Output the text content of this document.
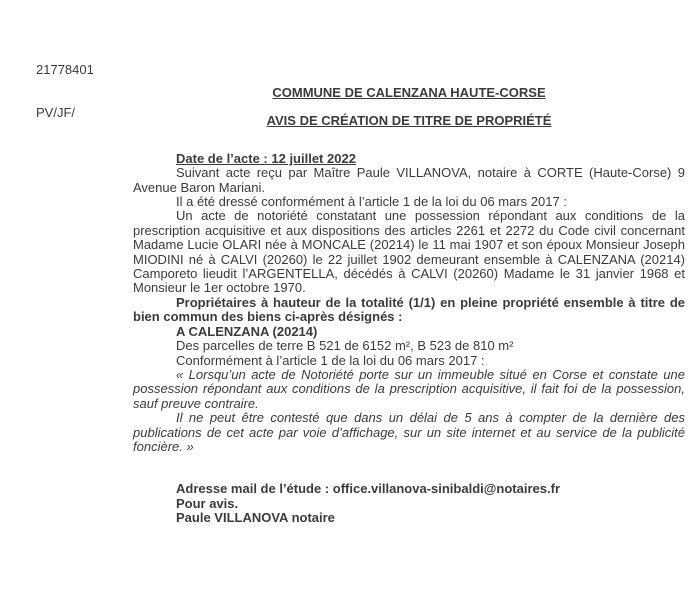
21778401

PV/JF/

COMMUNE DE CALENZANA HAUTE-CORSE

AVIS DE CRÉATION DE TITRE DE PROPRIÉTÉ

Date de l’acte : 12 juillet 2022

Suivant acte reçu par Maître Paule VILLANOVA, notaire à CORTE (Haute-Corse) 9 Avenue Baron Mariani.

Il a été dressé conformément à l’article 1 de la loi du 06 mars 2017 :

Un acte de notoriété constatant une possession répondant aux conditions de la prescription acquisitive et aux dispositions des articles 2261 et 2272 du Code civil concernant Madame Lucie OLARI née à MONCALE (20214) le 11 mai 1907 et son époux Monsieur Joseph MIODINI né à CALVI (20260) le 22 juillet 1902 demeurant ensemble à CALENZANA (20214) Camporeto lieudit l’ARGENTELLA, décédés à CALVI (20260) Madame le 31 janvier 1968 et Monsieur le 1er octobre 1970.

Propriétaires à hauteur de la totalité (1/1) en pleine propriété ensemble à titre de bien commun des biens ci-après désignés :

A CALENZANA (20214)

Des parcelles de terre B 521 de 6152 m², B 523 de 810 m²

Conformément à l’article 1 de la loi du 06 mars 2017 :

« Lorsqu’un acte de Notoriété porte sur un immeuble situé en Corse et constate une possession répondant aux conditions de la prescription acquisitive, il fait foi de la possession, sauf preuve contraire.

Il ne peut être contesté que dans un délai de 5 ans à compter de la dernière des publications de cet acte par voie d’affichage, sur un site internet et au service de la publicité foncière. »

Adresse mail de l’étude : office.villanova-sinibaldi@notaires.fr

Pour avis.

Paule VILLANOVA notaire
